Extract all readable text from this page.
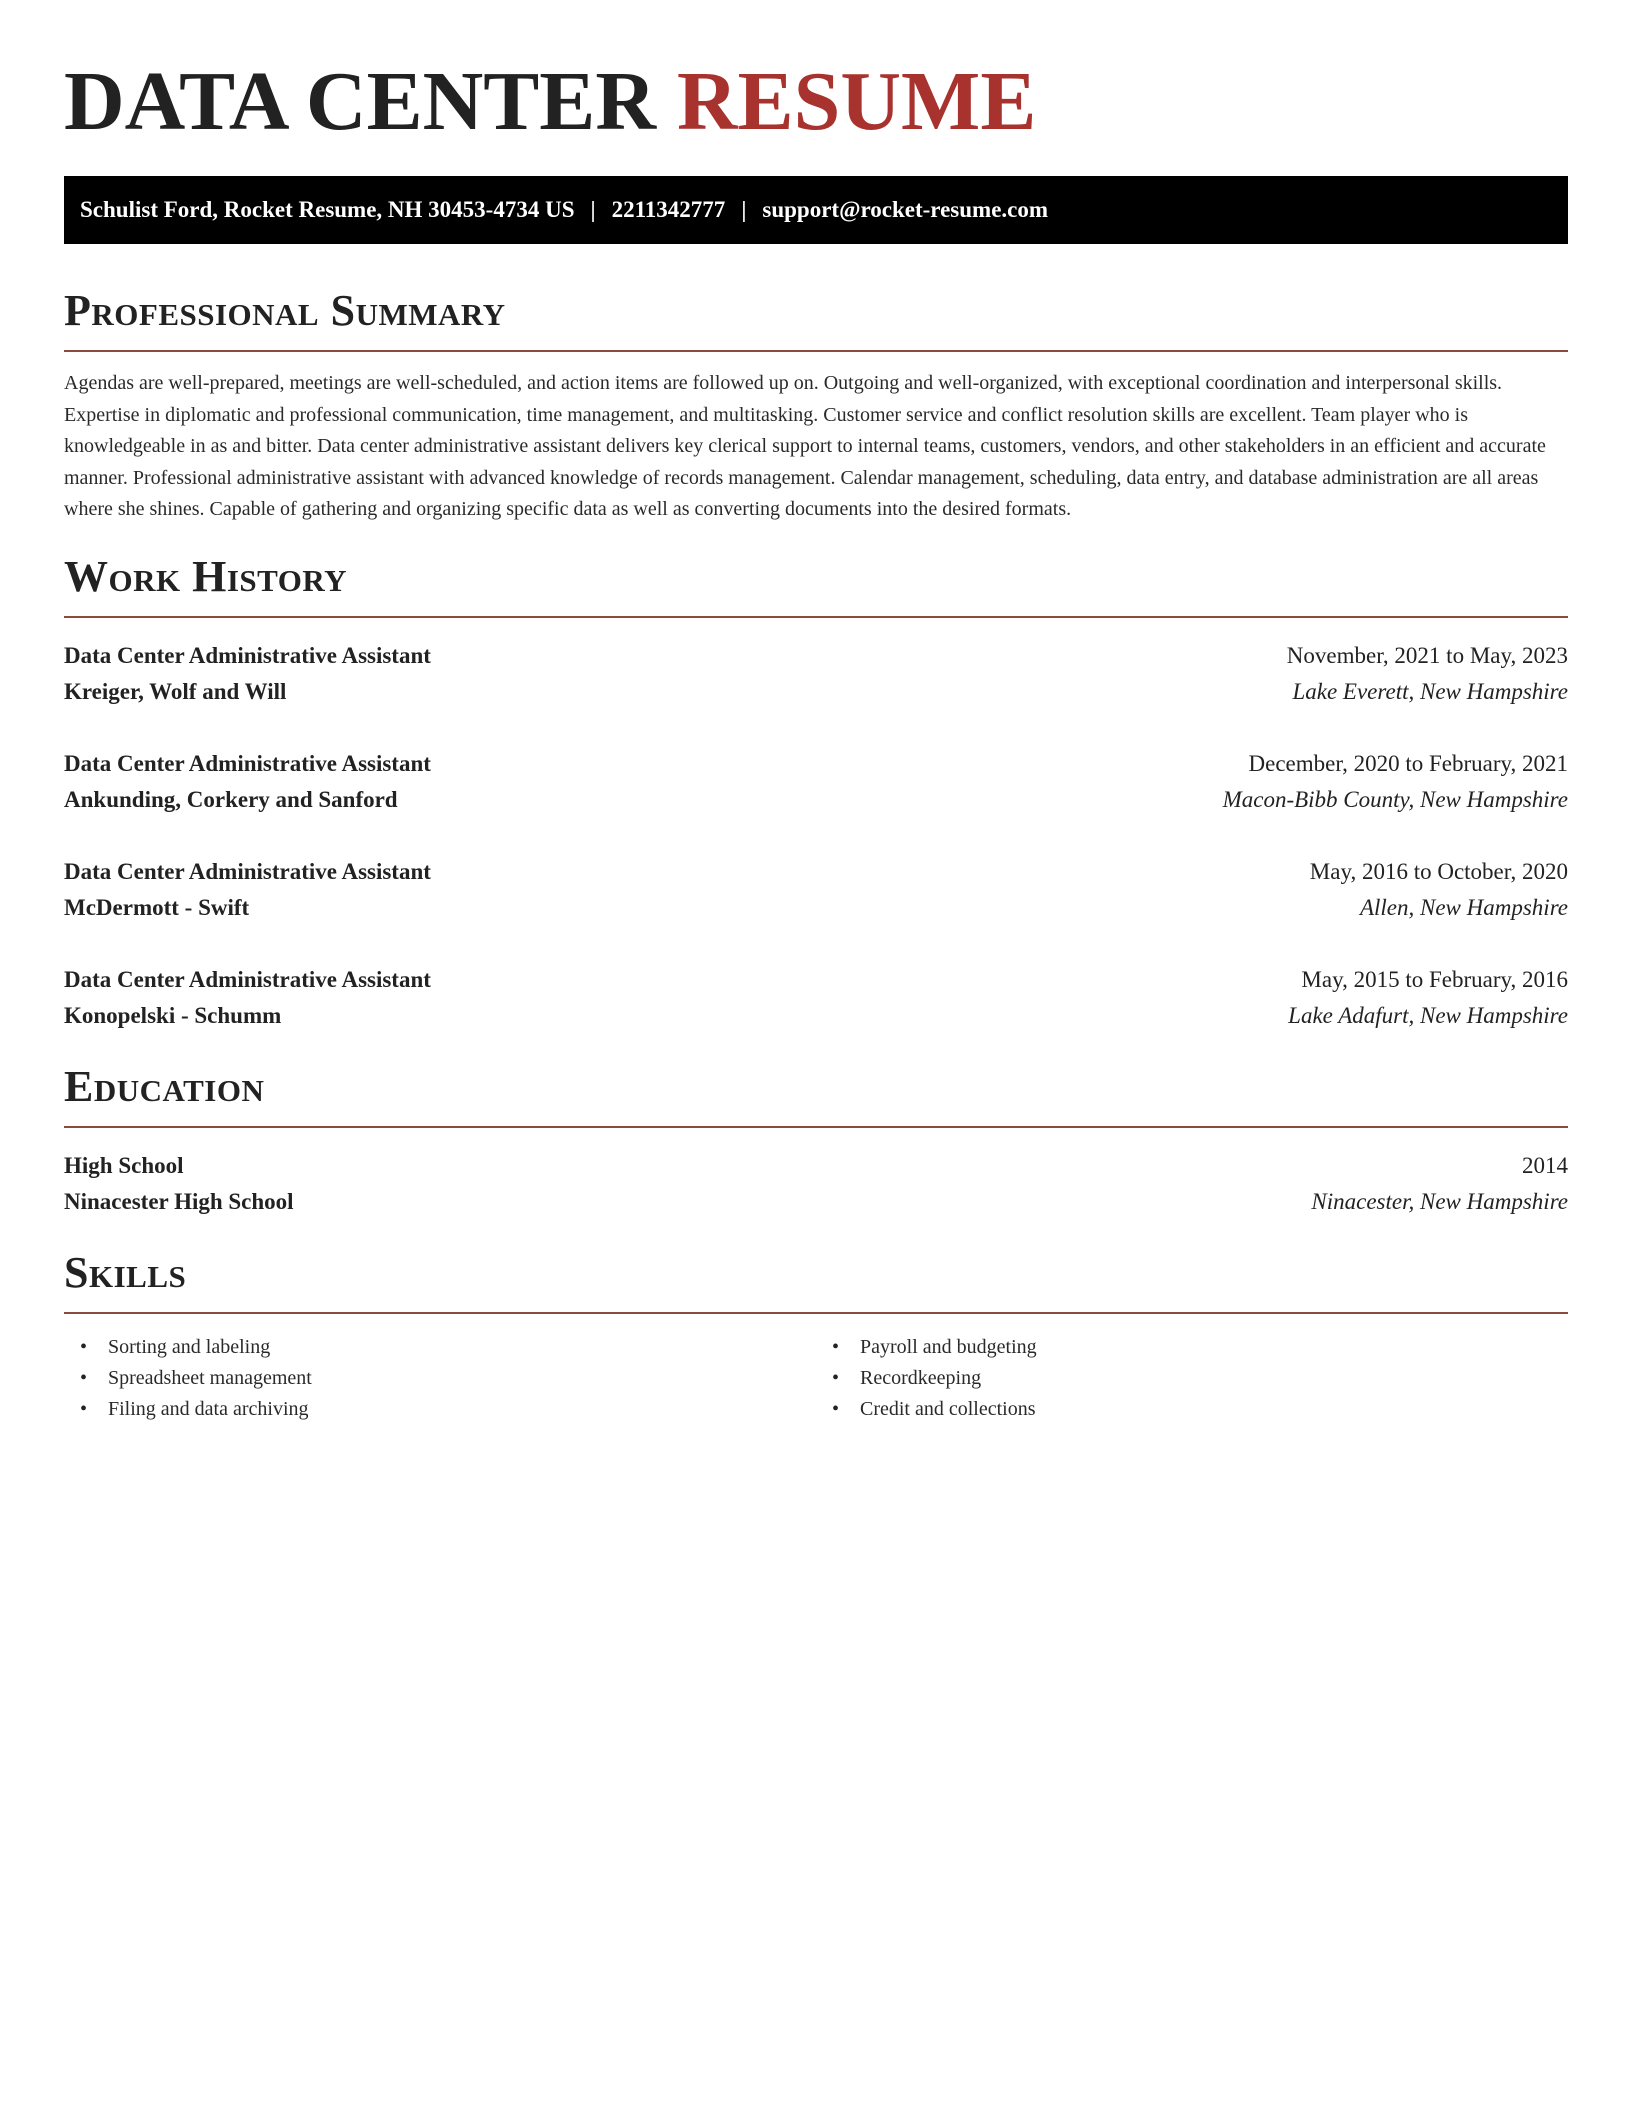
DATA CENTER RESUME
Schulist Ford, Rocket Resume, NH 30453-4734 US | 2211342777 | support@rocket-resume.com
Professional Summary

Agendas are well-prepared, meetings are well-scheduled, and action items are followed up on. Outgoing and well-organized, with exceptional coordination and interpersonal skills. Expertise in diplomatic and professional communication, time management, and multitasking. Customer service and conflict resolution skills are excellent. Team player who is knowledgeable in as and bitter. Data center administrative assistant delivers key clerical support to internal teams, customers, vendors, and other stakeholders in an efficient and accurate manner. Professional administrative assistant with advanced knowledge of records management. Calendar management, scheduling, data entry, and database administration are all areas where she shines. Capable of gathering and organizing specific data as well as converting documents into the desired formats.

Work History
Data Center Administrative Assistant	November, 2021 to May, 2023
Kreiger, Wolf and Will	Lake Everett, New Hampshire
Data Center Administrative Assistant	December, 2020 to February, 2021
Ankunding, Corkery and Sanford	Macon-Bibb County, New Hampshire
Data Center Administrative Assistant	May, 2016 to October, 2020
McDermott - Swift	Allen, New Hampshire
Data Center Administrative Assistant	May, 2015 to February, 2016
Konopelski - Schumm	Lake Adafurt, New Hampshire
Education
High School	2014
Ninacester High School	Ninacester, New Hampshire
Skills
• Sorting and labeling
• Spreadsheet management
• Filing and data archiving
• Payroll and budgeting
• Recordkeeping
• Credit and collections
